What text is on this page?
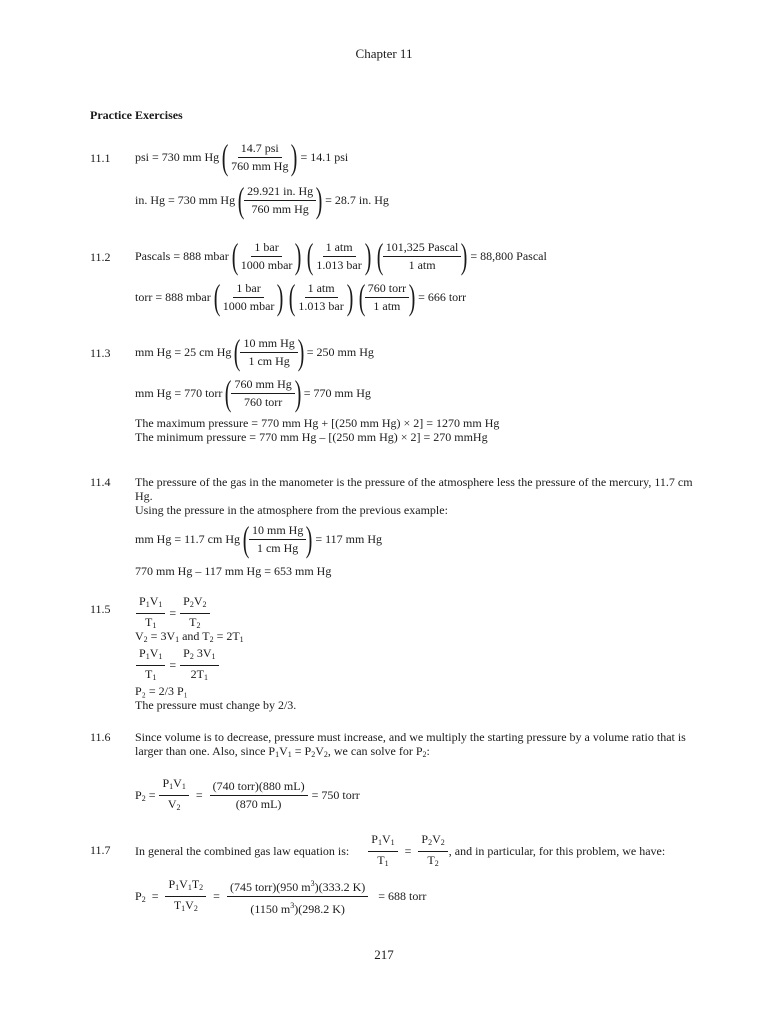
Chapter 11
Practice Exercises
11.1 psi = 730 mm Hg ( $\frac{\text{14.7 psi}}{\text{760 mm Hg}}$ ) = 14.1 psi
in. Hg = 730 mm Hg ( $\frac{29.921 in. Hg}{\text{760 mm Hg}}$ ) = 28.7 in. Hg
11.2 Pascals = 888 mbar ( $\frac{\text{1 bar}}{\text{1000 mbar}}$ ) ( $\frac{\text{1 atm}}{\text{1.013 bar}}$ ) ( $\frac{\text{101,325 Pascal}}{\text{1 atm}}$ ) = 88,800 Pascal
torr = 888 mbar ( $\frac{\text{1 bar}}{\text{1000 mbar}}$ ) ( $\frac{\text{1 atm}}{\text{1.013 bar}}$ ) ( $\frac{\text{760 torr}}{\text{1 atm}}$ ) = 666 torr
11.3 mm Hg = 25 cm Hg ( $\frac{\text{10 mm Hg}}{\text{1 cm Hg}}$ ) = 250 mm Hg
mm Hg = 770 torr ( $\frac{\text{760 mm Hg}}{\text{760 torr}}$ ) = 770 mm Hg
The maximum pressure = 770 mm Hg + [(250 mm Hg) × 2] = 1270 mm Hg
The minimum pressure = 770 mm Hg – [(250 mm Hg) × 2] = 270 mmHg
11.4 The pressure of the gas in the manometer is the pressure of the atmosphere less the pressure of the mercury, 11.7 cm Hg.
Using the pressure in the atmosphere from the previous example:
mm Hg = 11.7 cm Hg ( $\frac{\text{10 mm Hg}}{\text{1 cm Hg}}$ ) = 117 mm Hg
770 mm Hg – 117 mm Hg = 653 mm Hg
$11.5 \frac{P_1V_1}{T_1} = \frac{P_2V_2}{T_2}$
$V_2 = 3V_1$ and $T_2 = 2T_1$
$\frac{P_1V_1}{T_1} = \frac{P_2 3V_1}{2T_1}$
P₂ = 2/3 P₁
The pressure must change by 2/3.
11.6 Since volume is to decrease, pressure must increase, and we multiply the starting pressure by a volume ratio that is larger than one. Also, since $P_1V_1 = P_2V_2$, we can solve for $P_2$:
$P_2 = \frac{P_1V_1}{V_2} = \frac{\text{(740 torr)(880 mL)}}{(870 mL)}$
= 750 torr
11.7 In general the combined gas law equation is:
$\frac{P_1V_1}{T_1} = \frac{P_2V_2}{T_2}$ , and in particular, for this problem, we have:
$P_2 = \frac{P_1V_1T_2}{T_1V_2} = \frac{(745 torr)(950 m^3)(333.2 K)}{(1150 m^3)(298.2 K)}$
= 688 torr
217
